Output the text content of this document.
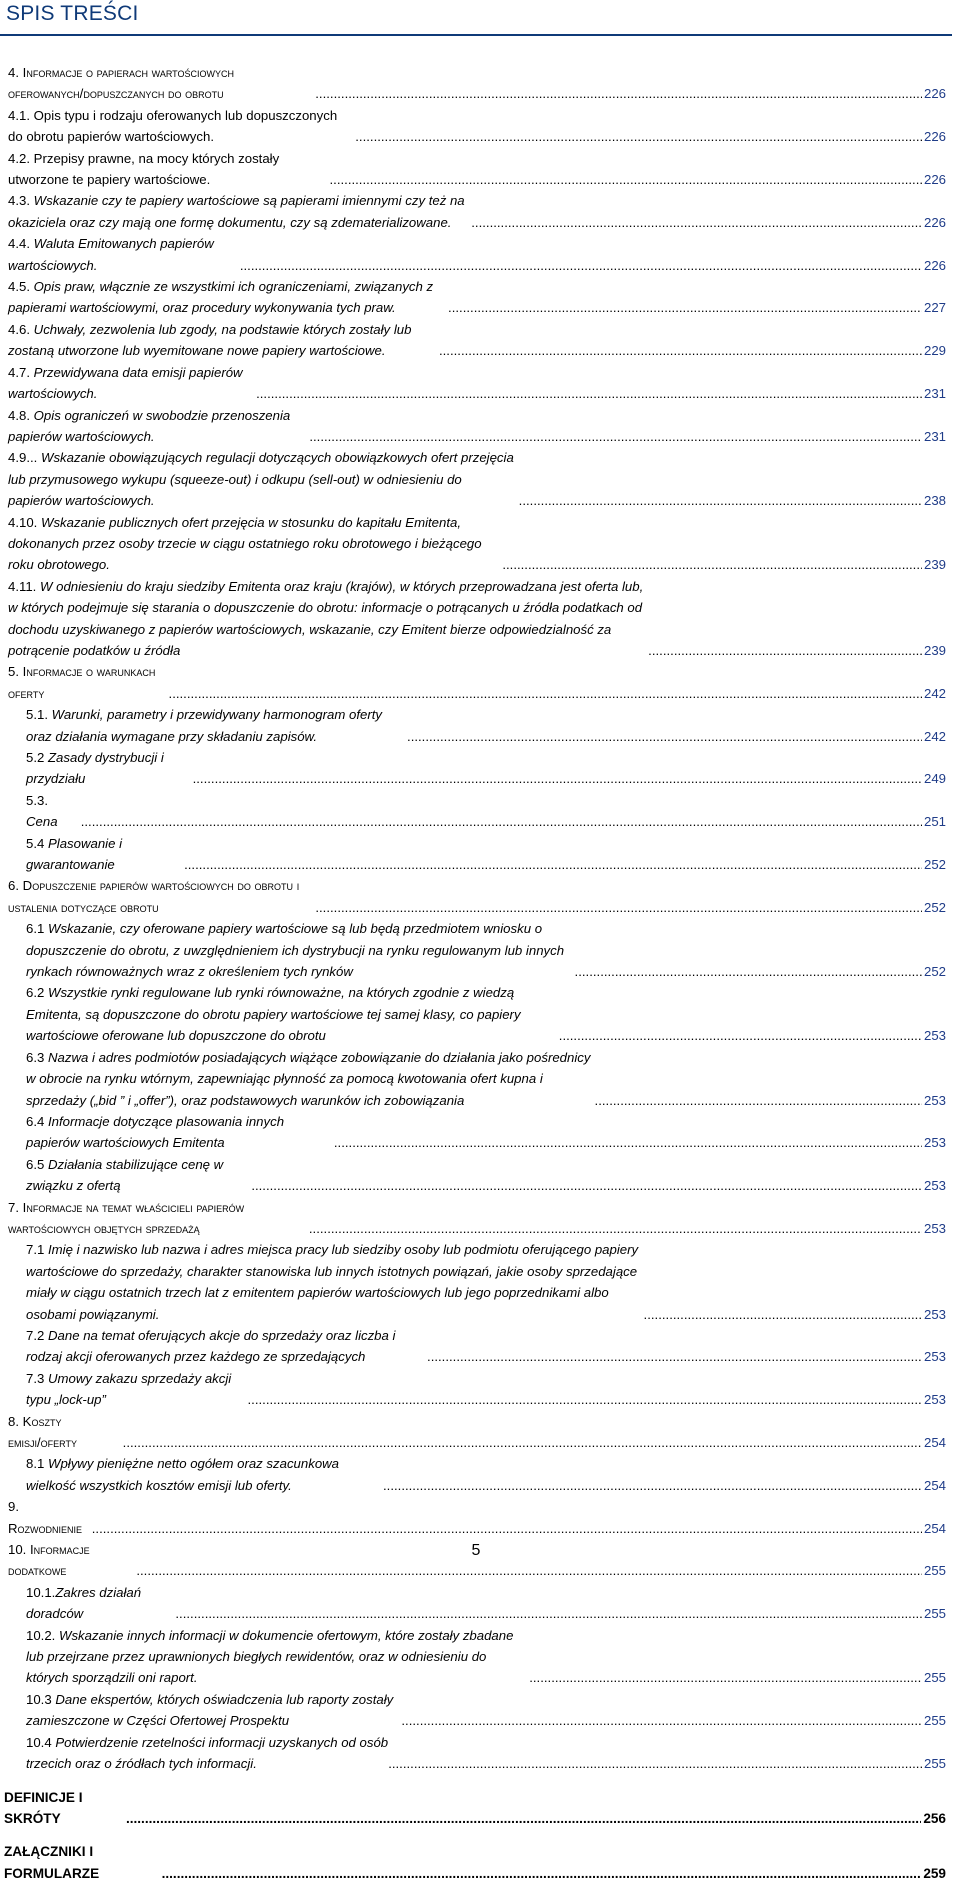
SPIS TREŚCI
4. Informacje o papierach wartościowych oferowanych/dopuszczanych do obrotu .....	226
4.1. Opis typu i rodzaju oferowanych lub dopuszczonych do obrotu papierów wartościowych. .....	226
4.2. Przepisy prawne, na mocy których zostały utworzone te papiery wartościowe. .....	226
4.3. Wskazanie czy te papiery wartościowe są papierami imiennymi czy też na okaziciela oraz czy mają one formę dokumentu, czy są zdematerializowane. .....	226
4.4. Waluta Emitowanych papierów wartościowych. .....	226
4.5. Opis praw, włącznie ze wszystkimi ich ograniczeniami, związanych z papierami wartościowymi, oraz procedury wykonywania tych praw. .....	227
4.6. Uchwały, zezwolenia lub zgody, na podstawie których zostały lub zostaną utworzone lub wyemitowane nowe papiery wartościowe. .....	229
4.7. Przewidywana data emisji papierów wartościowych. .....	231
4.8. Opis ograniczeń w swobodzie przenoszenia papierów wartościowych. .....	231
4.9... Wskazanie obowiązujących regulacji dotyczących obowiązkowych ofert przejęcia lub przymusowego wykupu (squeeze-out) i odkupu (sell-out) w odniesieniu do papierów wartościowych. .....	238
4.10. Wskazanie publicznych ofert przejęcia w stosunku do kapitału Emitenta, dokonanych przez osoby trzecie w ciągu ostatniego roku obrotowego i bieżącego roku obrotowego. .....	239
4.11. W odniesieniu do kraju siedziby Emitenta oraz kraju (krajów), w których przeprowadzana jest oferta lub, w których podejmuje się starania o dopuszczenie do obrotu: informacje o potrącanych u źródła podatkach od dochodu uzyskiwanego z papierów wartościowych, wskazanie, czy Emitent bierze odpowiedzialność za potrącenie podatków u źródła .....	239
5. Informacje o warunkach oferty .....	242
5.1. Warunki, parametry i przewidywany harmonogram oferty oraz działania wymagane przy składaniu zapisów. .....	242
5.2 Zasady dystrybucji i przydziału .....	249
5.3. Cena .....	251
5.4 Plasowanie i gwarantowanie .....	252
6. Dopuszczenie papierów wartościowych do obrotu i ustalenia dotyczące obrotu .....	252
6.1 Wskazanie, czy oferowane papiery wartościowe są lub będą przedmiotem wniosku o dopuszczenie do obrotu, z uwzględnieniem ich dystrybucji na rynku regulowanym lub innych rynkach równoważnych wraz z określeniem tych rynków .....	252
6.2 Wszystkie rynki regulowane lub rynki równoważne, na których zgodnie z wiedzą Emitenta, są dopuszczone do obrotu papiery wartościowe tej samej klasy, co papiery wartościowe oferowane lub dopuszczone do obrotu .....	253
6.3 Nazwa i adres podmiotów posiadających wiążące zobowiązanie do działania jako pośrednicy w obrocie na rynku wtórnym, zapewniając płynność za pomocą kwotowania ofert kupna i sprzedaży („bid ” i „offer”), oraz podstawowych warunków ich zobowiązania .....	253
6.4 Informacje dotyczące plasowania innych papierów wartościowych Emitenta .....	253
6.5 Działania stabilizujące cenę w związku z ofertą .....	253
7. Informacje na temat właścicieli papierów wartościowych objętych sprzedażą .....	253
7.1 Imię i nazwisko lub nazwa i adres miejsca pracy lub siedziby osoby lub podmiotu oferującego papiery wartościowe do sprzedaży, charakter stanowiska lub innych istotnych powiązań, jakie osoby sprzedające miały w ciągu ostatnich trzech lat z emitentem papierów wartościowych lub jego poprzednikami albo osobami powiązanymi. .....	253
7.2 Dane na temat oferujących akcje do sprzedaży oraz liczba i rodzaj akcji oferowanych przez każdego ze sprzedających .....	253
7.3 Umowy zakazu sprzedaży akcji typu „lock-up” .....	253
8. Koszty emisji/oferty .....	254
8.1 Wpływy pieniężne netto ogółem oraz szacunkowa wielkość wszystkich kosztów emisji lub oferty. .....	254
9. Rozwodnienie .....	254
10. Informacje dodatkowe .....	255
10.1.Zakres działań doradców .....	255
10.2. Wskazanie innych informacji w dokumencie ofertowym, które zostały zbadane lub przejrzane przez uprawnionych biegłych rewidentów, oraz w odniesieniu do których sporządzili oni raport. .....	255
10.3 Dane ekspertów, których oświadczenia lub raporty zostały zamieszczone w Części Ofertowej Prospektu .....	255
10.4 Potwierdzenie rzetelności informacji uzyskanych od osób trzecich oraz o źródłach tych informacji. .....	255
DEFINICJE I SKRÓTY .....	256
ZAŁĄCZNIKI I FORMULARZE .....	259
5
